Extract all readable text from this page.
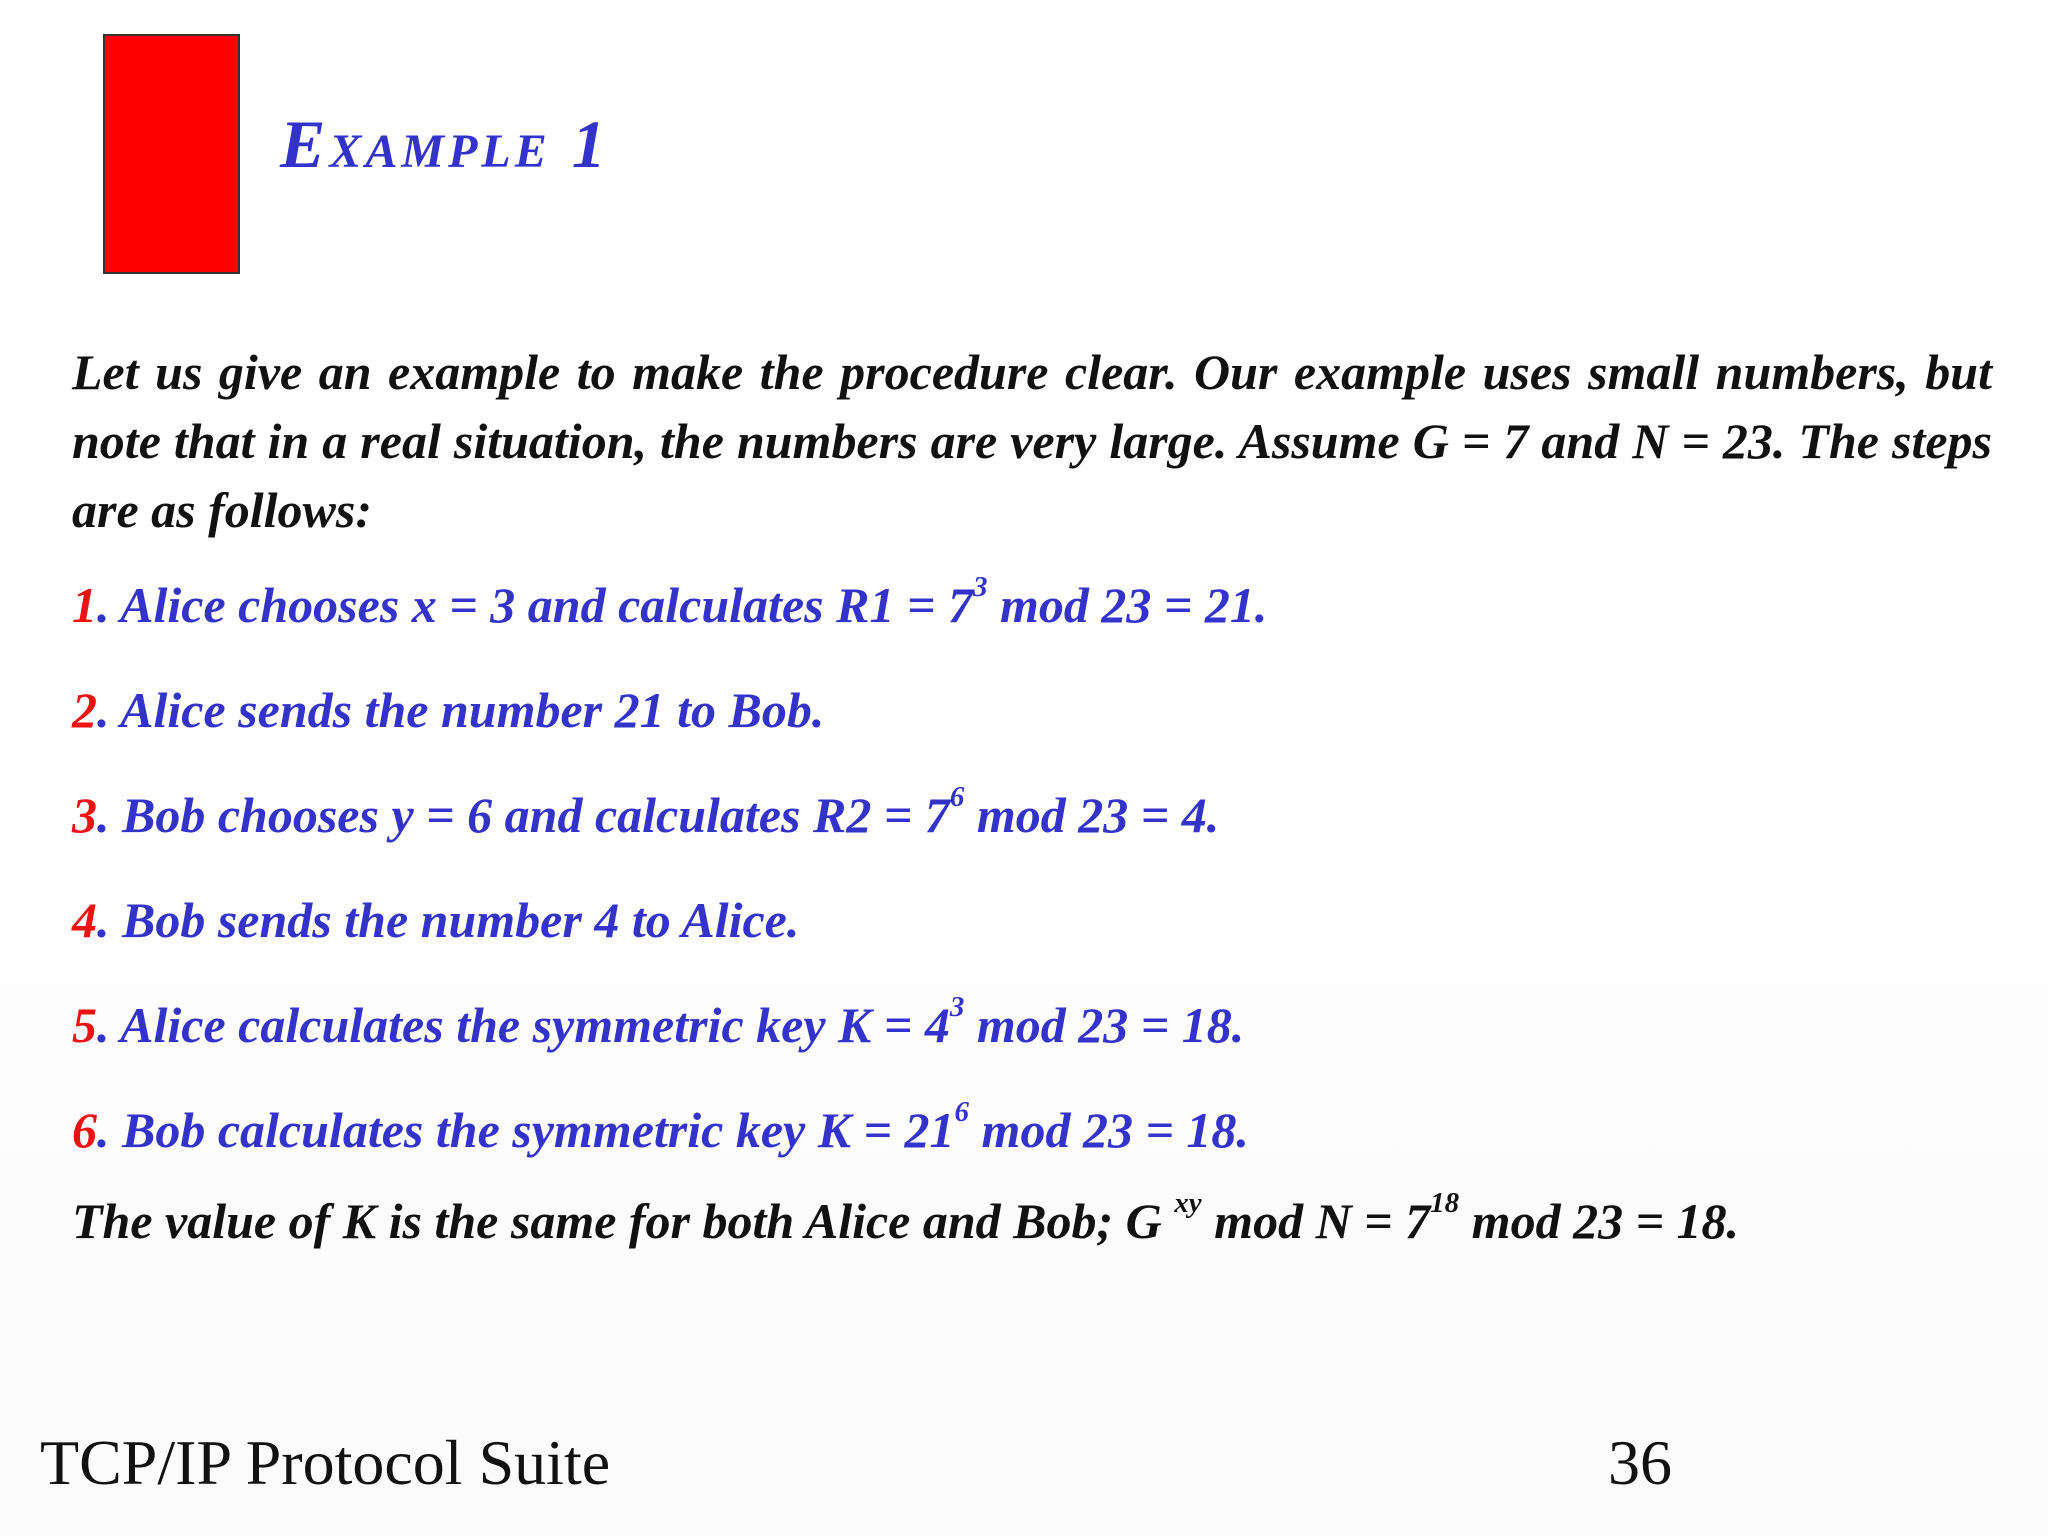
Example 1

Let us give an example to make the procedure clear. Our example uses small numbers, but note that in a real situation, the numbers are very large. Assume G = 7 and N = 23. The steps are as follows:

1. Alice chooses x = 3 and calculates $R1 = 7^3$ mod 23 = 21.
2. Alice sends the number 21 to Bob.
3. Bob chooses y = 6 and calculates $R2 = 7^6$ mod 23 = 4.
4. Bob sends the number 4 to Alice.
5. Alice calculates the symmetric key $K = 4^3$ mod 23 = 18.
6. Bob calculates the symmetric key $K = 21^6$ mod 23 = 18.

The value of K is the same for both Alice and Bob; G $^{xy}$ mod $N = 7^{18}$ mod 23 = 18.

TCP/IP Protocol Suite	36
